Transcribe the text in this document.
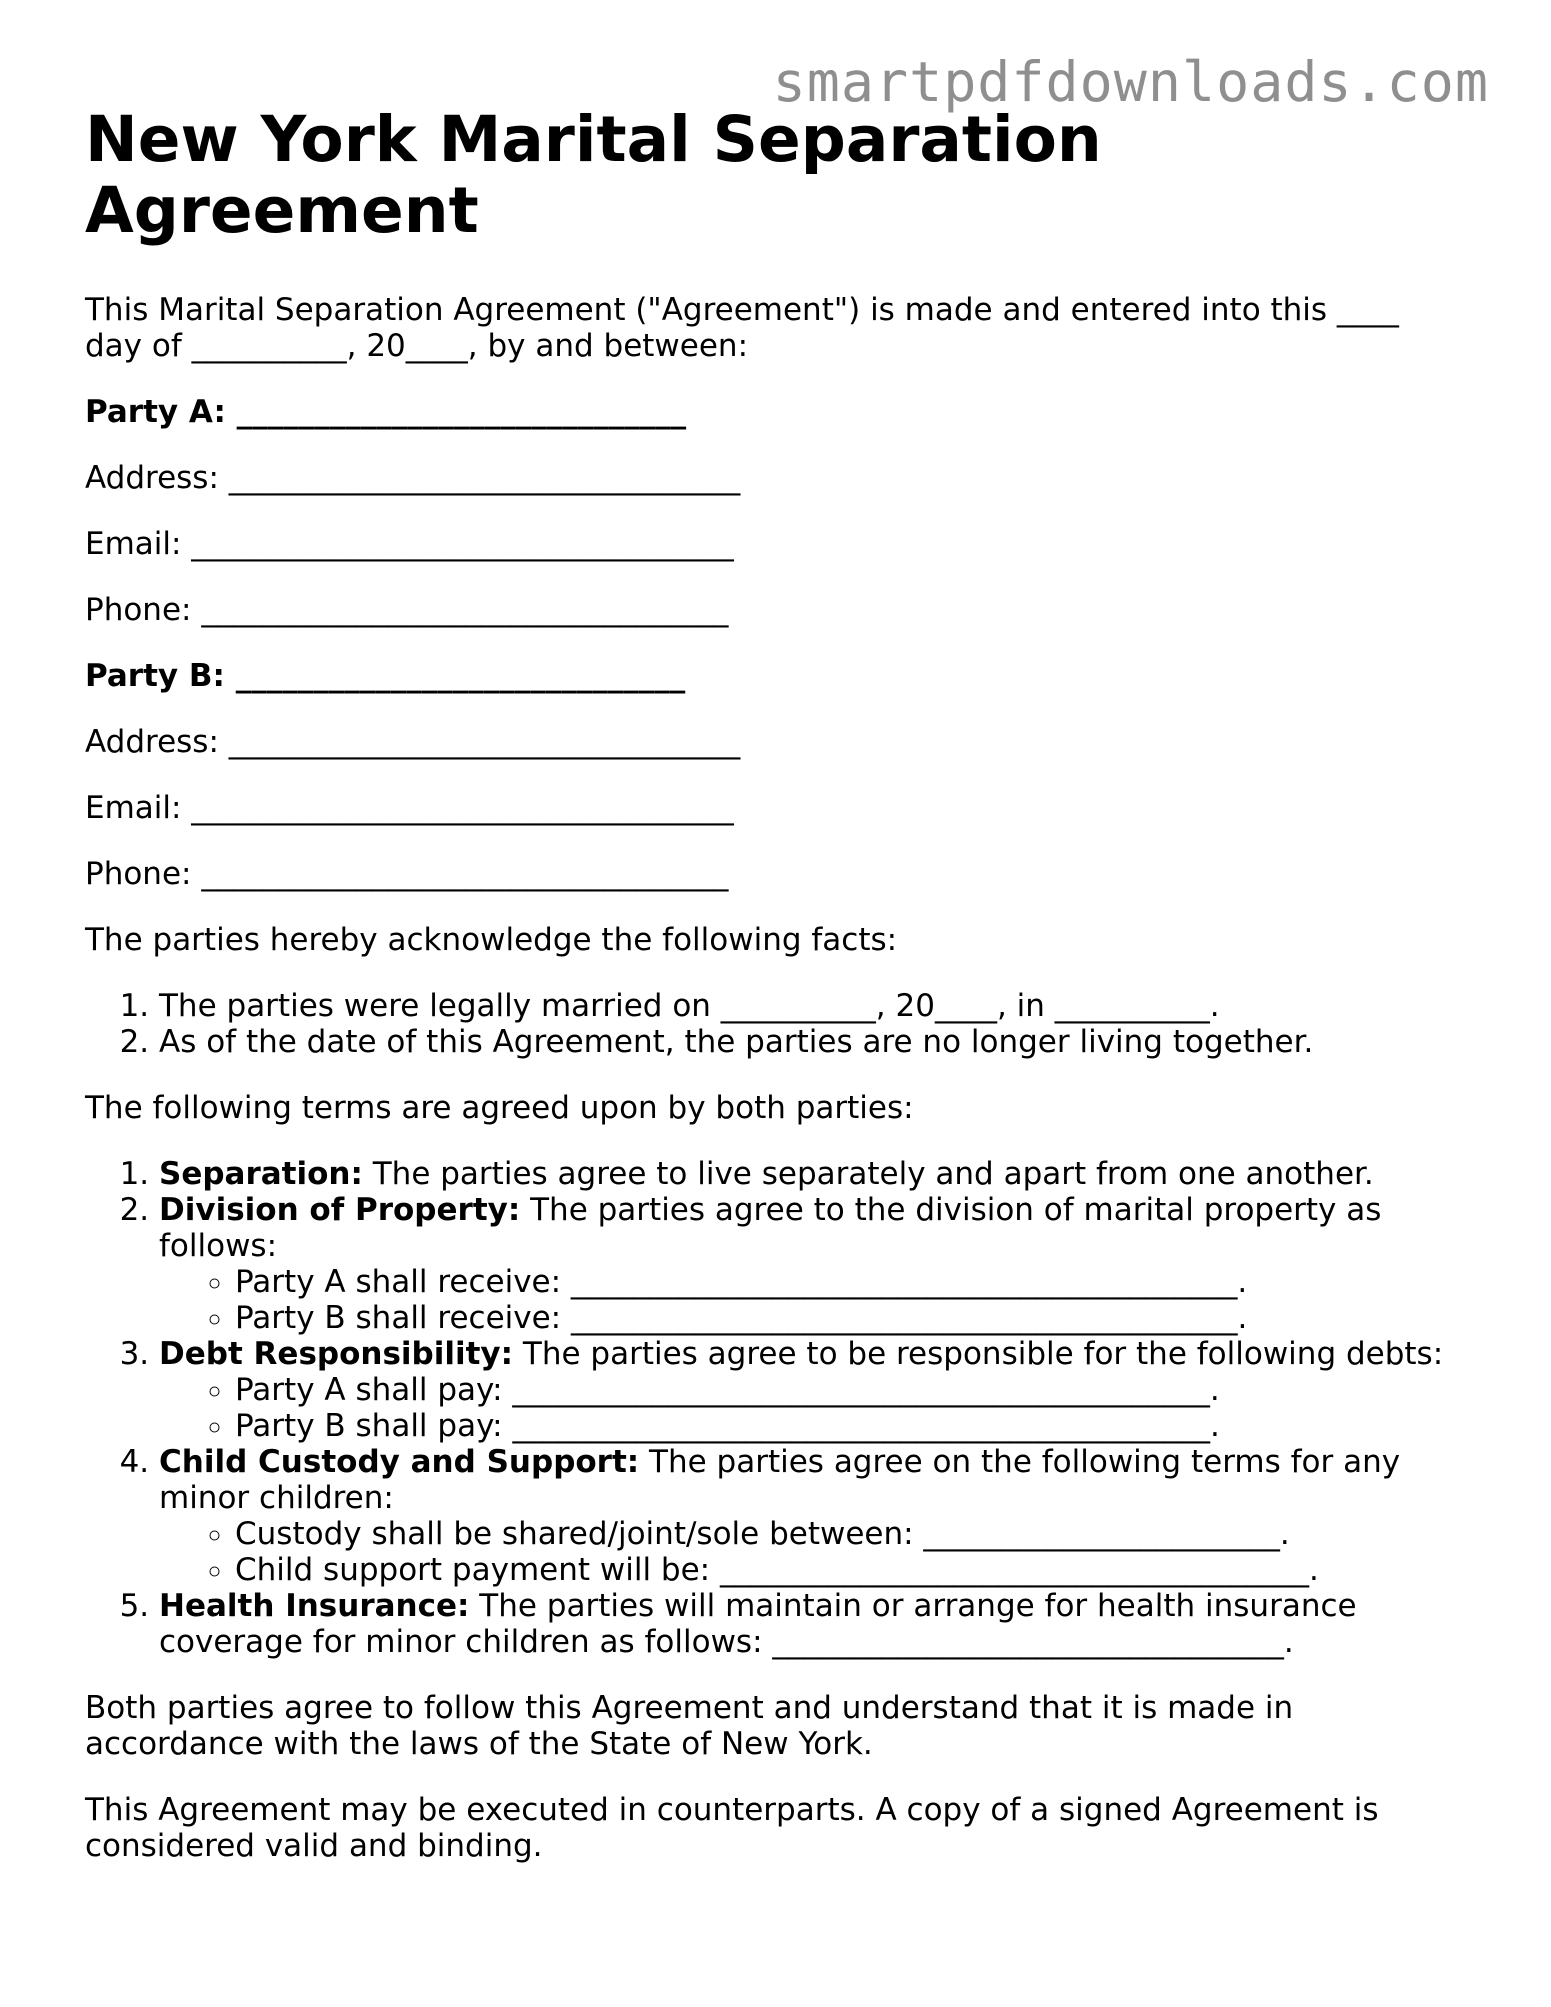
smartpdfdownloads.com
New York Marital Separation Agreement

This Marital Separation Agreement ("Agreement") is made and entered into this ____ day of __________, 20____, by and between:

Party A: _____________________________
Address: _________________________________
Email: ___________________________________
Phone: __________________________________
Party B: _____________________________
Address: _________________________________
Email: ___________________________________
Phone: __________________________________

The parties hereby acknowledge the following facts:

1. The parties were legally married on __________, 20____, in __________.
2. As of the date of this Agreement, the parties are no longer living together.

The following terms are agreed upon by both parties:

1. Separation: The parties agree to live separately and apart from one another.
2. Division of Property: The parties agree to the division of marital property as follows:
◦ Party A shall receive: ___________________________________________.
◦ Party B shall receive: ___________________________________________.
3. Debt Responsibility: The parties agree to be responsible for the following debts:
◦ Party A shall pay: _____________________________________________.
◦ Party B shall pay: _____________________________________________.
4. Child Custody and Support: The parties agree on the following terms for any minor children:
◦ Custody shall be shared/joint/sole between: _______________________.
◦ Child support payment will be: ______________________________________.
5. Health Insurance: The parties will maintain or arrange for health insurance coverage for minor children as follows: _________________________________.

Both parties agree to follow this Agreement and understand that it is made in accordance with the laws of the State of New York.

This Agreement may be executed in counterparts. A copy of a signed Agreement is considered valid and binding.
